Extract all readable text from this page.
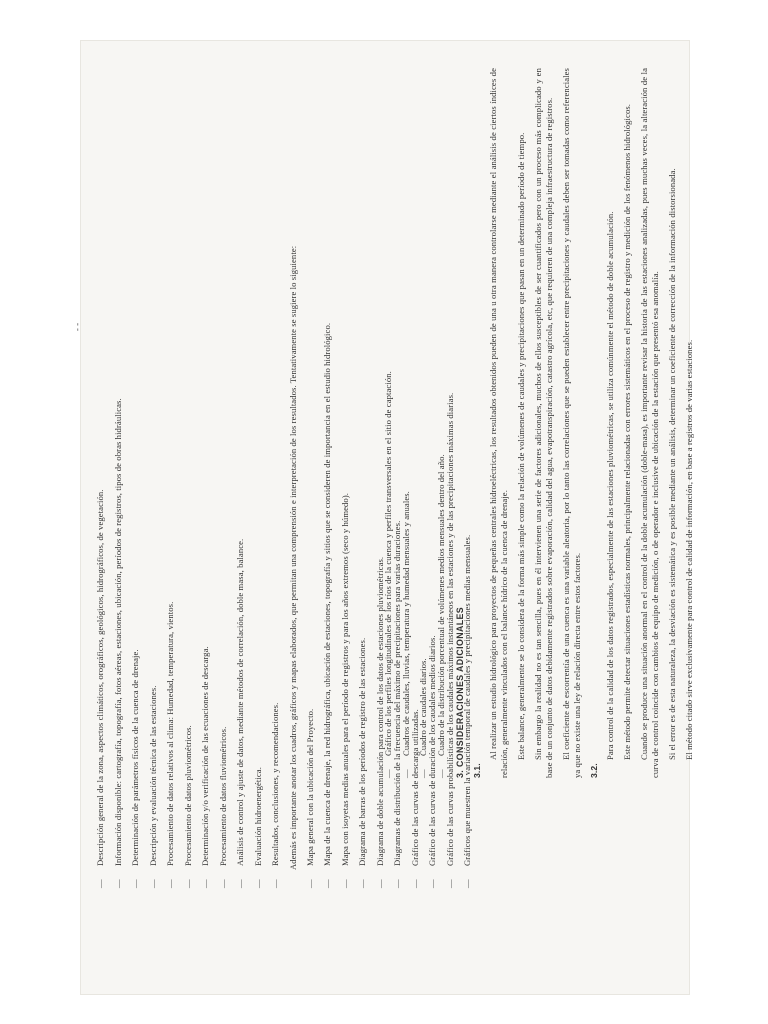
- -
— Descripción general de la zona, aspectos climáticos, orográficos, geológicos, hidrográficos, de vegetación. — Información disponible: cartografía, topografía, fotos aéreas, estaciones, ubicación, períodos de registros, tipos de obras hidráulicas. — Determinación de parámetros físicos de la cuenca de drenaje. — Descripción y evaluación técnica de las estaciones. — Procesamiento de datos relativos al clima: Humedad, temperatura, vientos. — Procesamiento de datos pluviométricos. — Determinación y/o verificación de las ecuaciones de descarga. — Procesamiento de datos fluviométricos. — Análisis de control y ajuste de datos, mediante métodos de correlación, doble masa, balance. — Evaluación hidroenergética. — Resultados, conclusiones, y recomendaciones. Además es importante anotar los cuadros, gráficos y mapas elaborados, que permitan una comprensión e interpretación de los resultados. Tentativamente se sugiere lo siguiente: — Mapa general con la ubicación del Proyecto. — Mapa de la cuenca de drenaje, la red hidrográfica, ubicación de estaciones, topografía y sitios que se consideren de importancia en el estudio hidrológico. — Mapa con isoyetas medias anuales para el período de registros y para los años extremos (seco y húmedo). — Diagrama de barras de los períodos de registro de las estaciones. — Diagrama de doble acumulación para control de los datos de estaciones pluviométricas. — Diagramas de distribución de la frecuencia del máximo de precipitaciones para varias duraciones. — Gráfico de las curvas de descarga utilizadas. — Gráfico de las curvas de duración de los caudales medios diarios. — Gráfico de las curvas probabilísticas de los caudales máximos instantáneos en las estaciones y de las precipitaciones máximas diarias. — Gráficos que muestren la variación temporal de caudales y precipitaciones medias mensuales.
— Gráfico de los perfiles longitudinales de los ríos de la cuenca y perfiles transversales en el sitio de captación. — Cuadros de caudales, lluvias, temperatura y humedad mensuales y anuales. — Cuadro de caudales diarios. — Cuadro de la distribución porcentual de volúmenes medios mensuales dentro del año. 3. CONSIDERACIONES ADICIONALES 3.1.

Al realizar un estudio hidrológico para proyectos de pequeñas centrales hidroeléctricas, los resultados obtenidos pueden de una u otra manera controlarse mediante el análisis de ciertos índices de relación, generalmente vinculados con el balance hídrico de la cuenca de drenaje. Este balance, generalmente se lo considera de la forma más simple como la relación de volúmenes de caudales y precipitaciones que pasan en un determinado período de tiempo. Sin embargo la realidad no es tan sencilla, pues en él intervienen una serie de factores adicionales, muchos de ellos susceptibles de ser cuantificados pero con un proceso más complicado y en base de un conjunto de datos debidamente registrados sobre evaporación, calidad del agua, evapotranspiración, catastro agrícola, etc, que requieren de una compleja infraestructura de registros. El coeficiente de escorrentía de una cuenca es una variable aleatoria, por lo tanto las correlaciones que se pueden establecer entre precipitaciones y caudales deben ser tomadas como referenciales ya que no existe una ley de relación directa entre estos factores. 3.2.

Para control de la calidad de los datos registrados, especialmente de las estaciones pluviométricas, se utiliza comúnmente el método de doble acumulación. Este método permite detectar situaciones estadísticas normales, principalmente relacionadas con errores sistemáticos en el proceso de registro y medición de los fenómenos hidrológicos. Cuando se produce una situación anormal en el control de la doble acumulación (doble-masa), es importante revisar la historia de las estaciones analizadas, pues muchas veces, la alteración de la curva de control coincide con cambios de equipo de medición, o de operador e inclusive de ubicación de la estación que presentó esa anomalía. Si el error es de esta naturaleza, la desviación es sistemática y es posible mediante un análisis, determinar un coeficiente de corrección de la información distorsionada. El método citado sirve exclusivamente para control de calidad de información, en base a registros de varias estaciones.
